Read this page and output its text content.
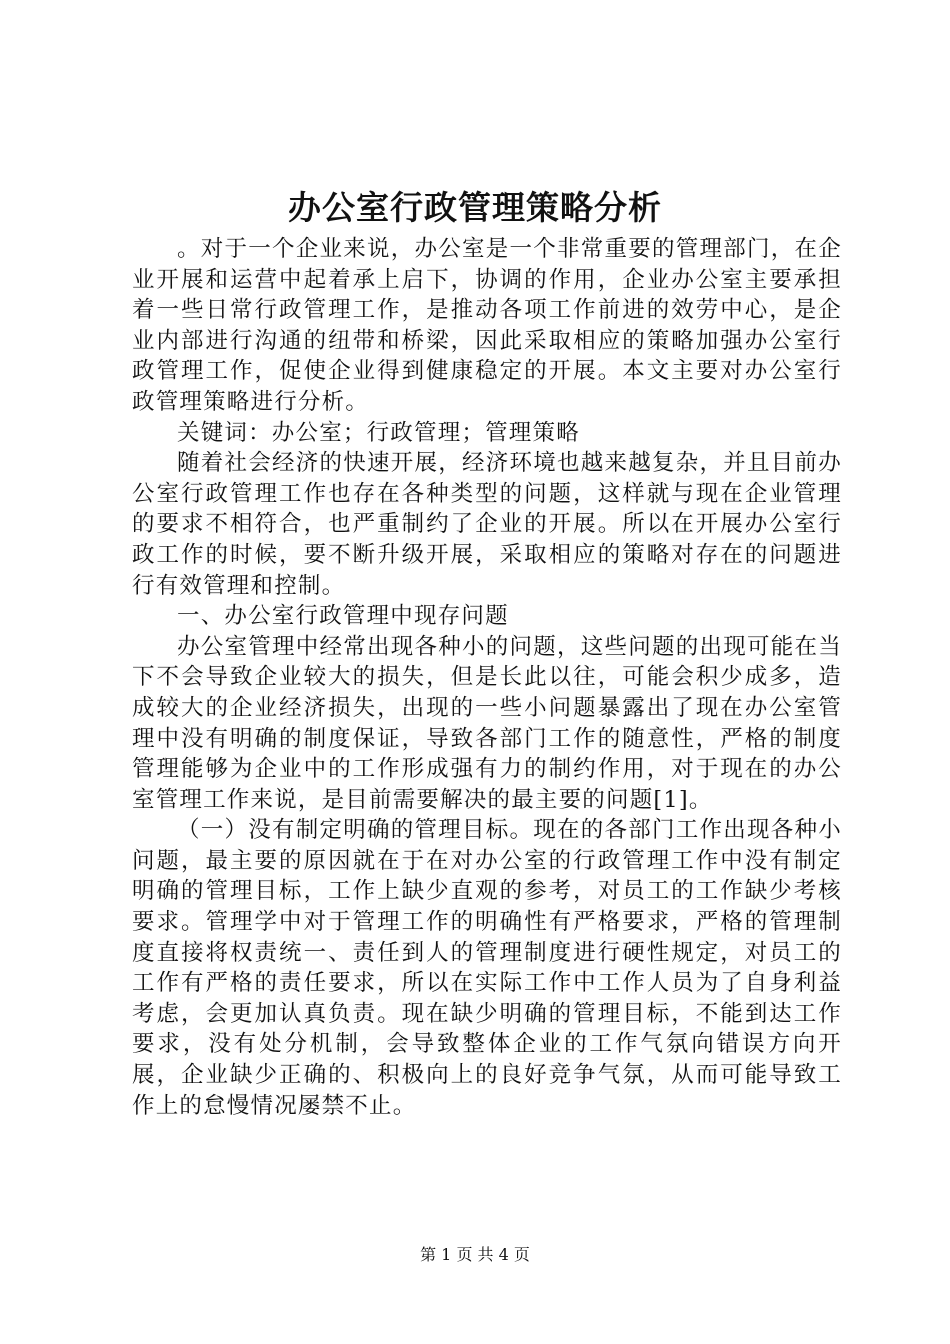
办公室行政管理策略分析

。对于一个企业来说，办公室是一个非常重要的管理部门，在企业开展和运营中起着承上启下，协调的作用，企业办公室主要承担着一些日常行政管理工作，是推动各项工作前进的效劳中心，是企业内部进行沟通的纽带和桥梁，因此采取相应的策略加强办公室行政管理工作，促使企业得到健康稳定的开展。本文主要对办公室行政管理策略进行分析。

关键词：办公室；行政管理；管理策略

随着社会经济的快速开展，经济环境也越来越复杂，并且目前办公室行政管理工作也存在各种类型的问题，这样就与现在企业管理的要求不相符合，也严重制约了企业的开展。所以在开展办公室行政工作的时候，要不断升级开展，采取相应的策略对存在的问题进行有效管理和控制。

一、办公室行政管理中现存问题

办公室管理中经常出现各种小的问题，这些问题的出现可能在当下不会导致企业较大的损失，但是长此以往，可能会积少成多，造成较大的企业经济损失，出现的一些小问题暴露出了现在办公室管理中没有明确的制度保证，导致各部门工作的随意性，严格的制度管理能够为企业中的工作形成强有力的制约作用，对于现在的办公室管理工作来说，是目前需要解决的最主要的问题[1]。

（一）没有制定明确的管理目标。现在的各部门工作出现各种小问题，最主要的原因就在于在对办公室的行政管理工作中没有制定明确的管理目标，工作上缺少直观的参考，对员工的工作缺少考核要求。管理学中对于管理工作的明确性有严格要求，严格的管理制度直接将权责统一、责任到人的管理制度进行硬性规定，对员工的工作有严格的责任要求，所以在实际工作中工作人员为了自身利益考虑，会更加认真负责。现在缺少明确的管理目标，不能到达工作要求，没有处分机制，会导致整体企业的工作气氛向错误方向开展，企业缺少正确的、积极向上的良好竞争气氛，从而可能导致工作上的怠慢情况屡禁不止。

第 1 页 共 4 页
